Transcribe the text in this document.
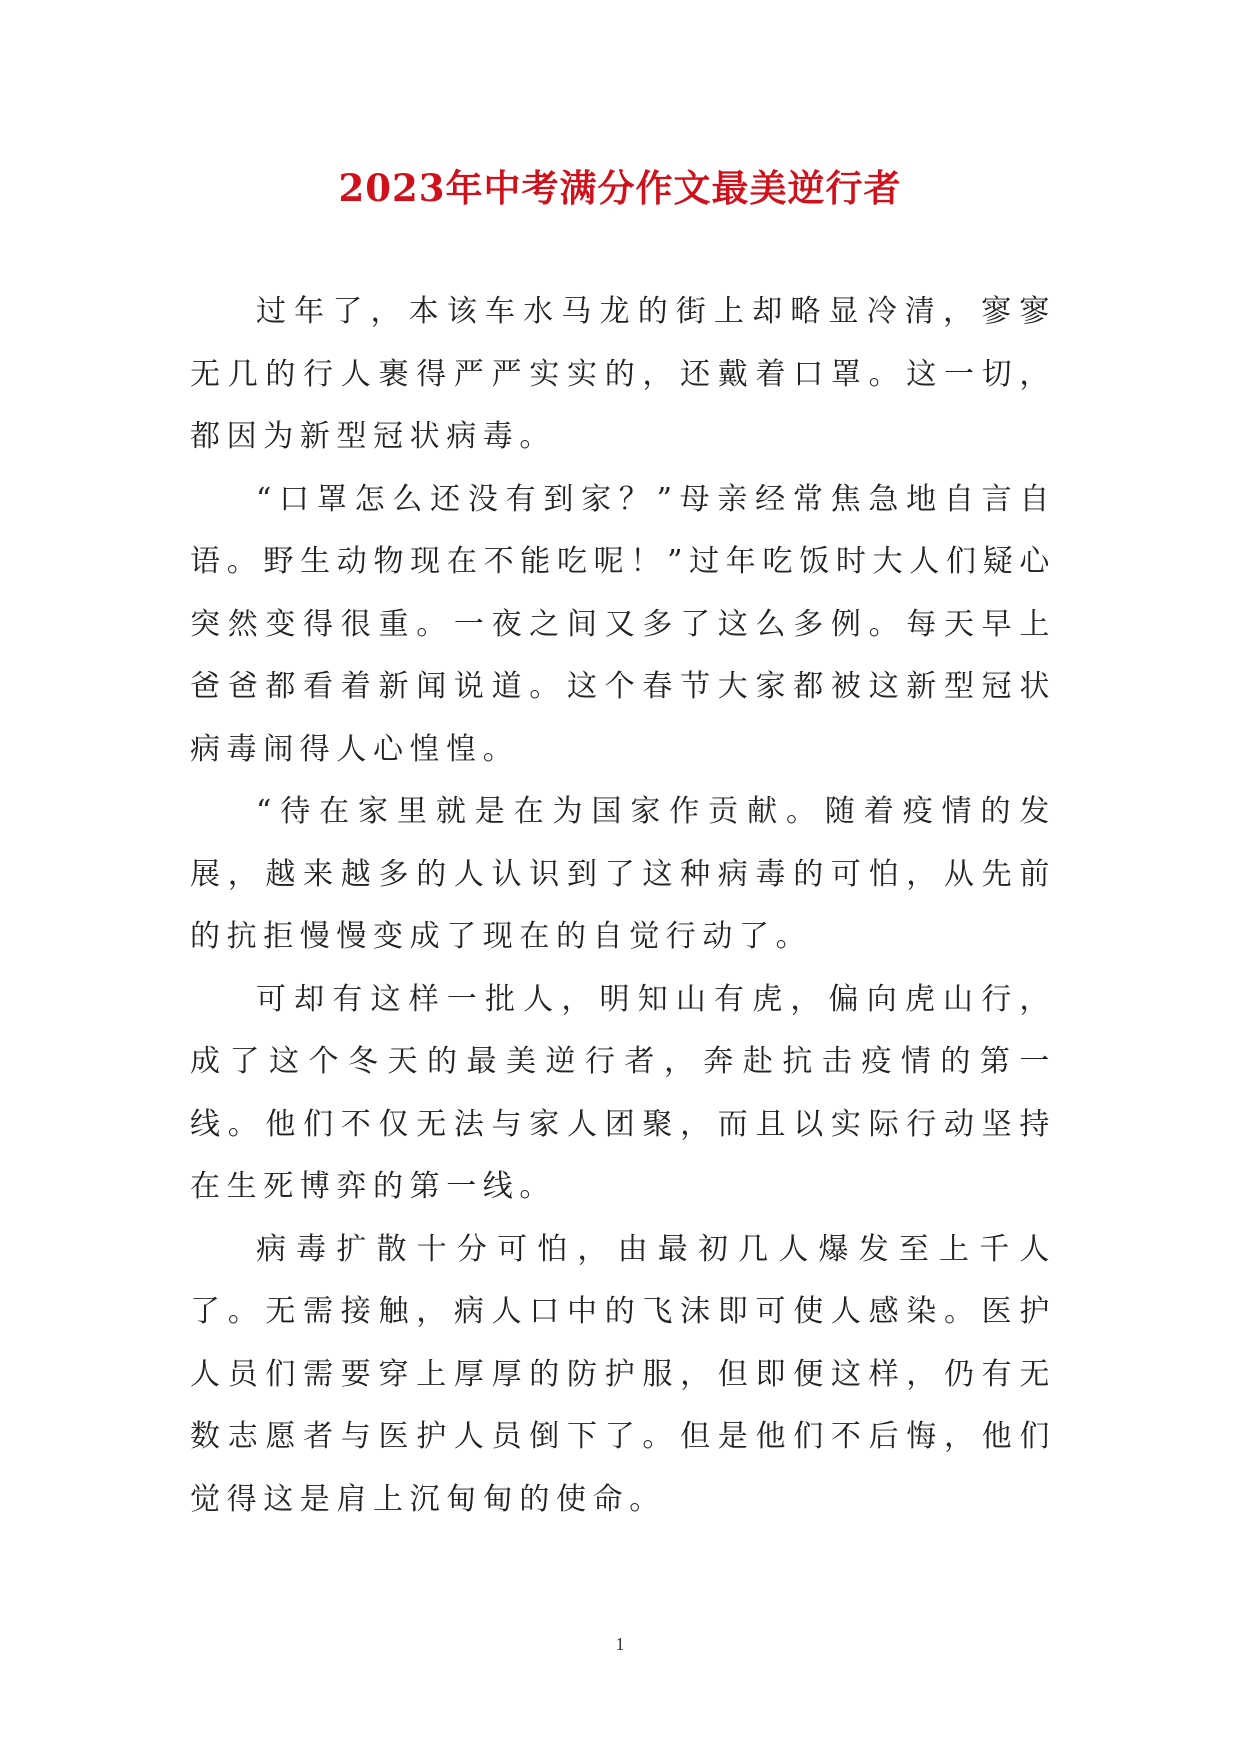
2023年中考满分作文最美逆行者

过年了，本该车水马龙的街上却略显冷清，寥寥无几的行人裹得严严实实的，还戴着口罩。这一切，都因为新型冠状病毒。

“口罩怎么还没有到家？”母亲经常焦急地自言自语。野生动物现在不能吃呢！”过年吃饭时大人们疑心突然变得很重。一夜之间又多了这么多例。每天早上爸爸都看着新闻说道。这个春节大家都被这新型冠状病毒闹得人心惶惶。

“待在家里就是在为国家作贡献。随着疫情的发展，越来越多的人认识到了这种病毒的可怕，从先前的抗拒慢慢变成了现在的自觉行动了。

可却有这样一批人，明知山有虎，偏向虎山行，成了这个冬天的最美逆行者，奔赴抗击疫情的第一线。他们不仅无法与家人团聚，而且以实际行动坚持在生死博弈的第一线。

病毒扩散十分可怕，由最初几人爆发至上千人了。无需接触，病人口中的飞沫即可使人感染。医护人员们需要穿上厚厚的防护服，但即便这样，仍有无数志愿者与医护人员倒下了。但是他们不后悔，他们觉得这是肩上沉甸甸的使命。

1
